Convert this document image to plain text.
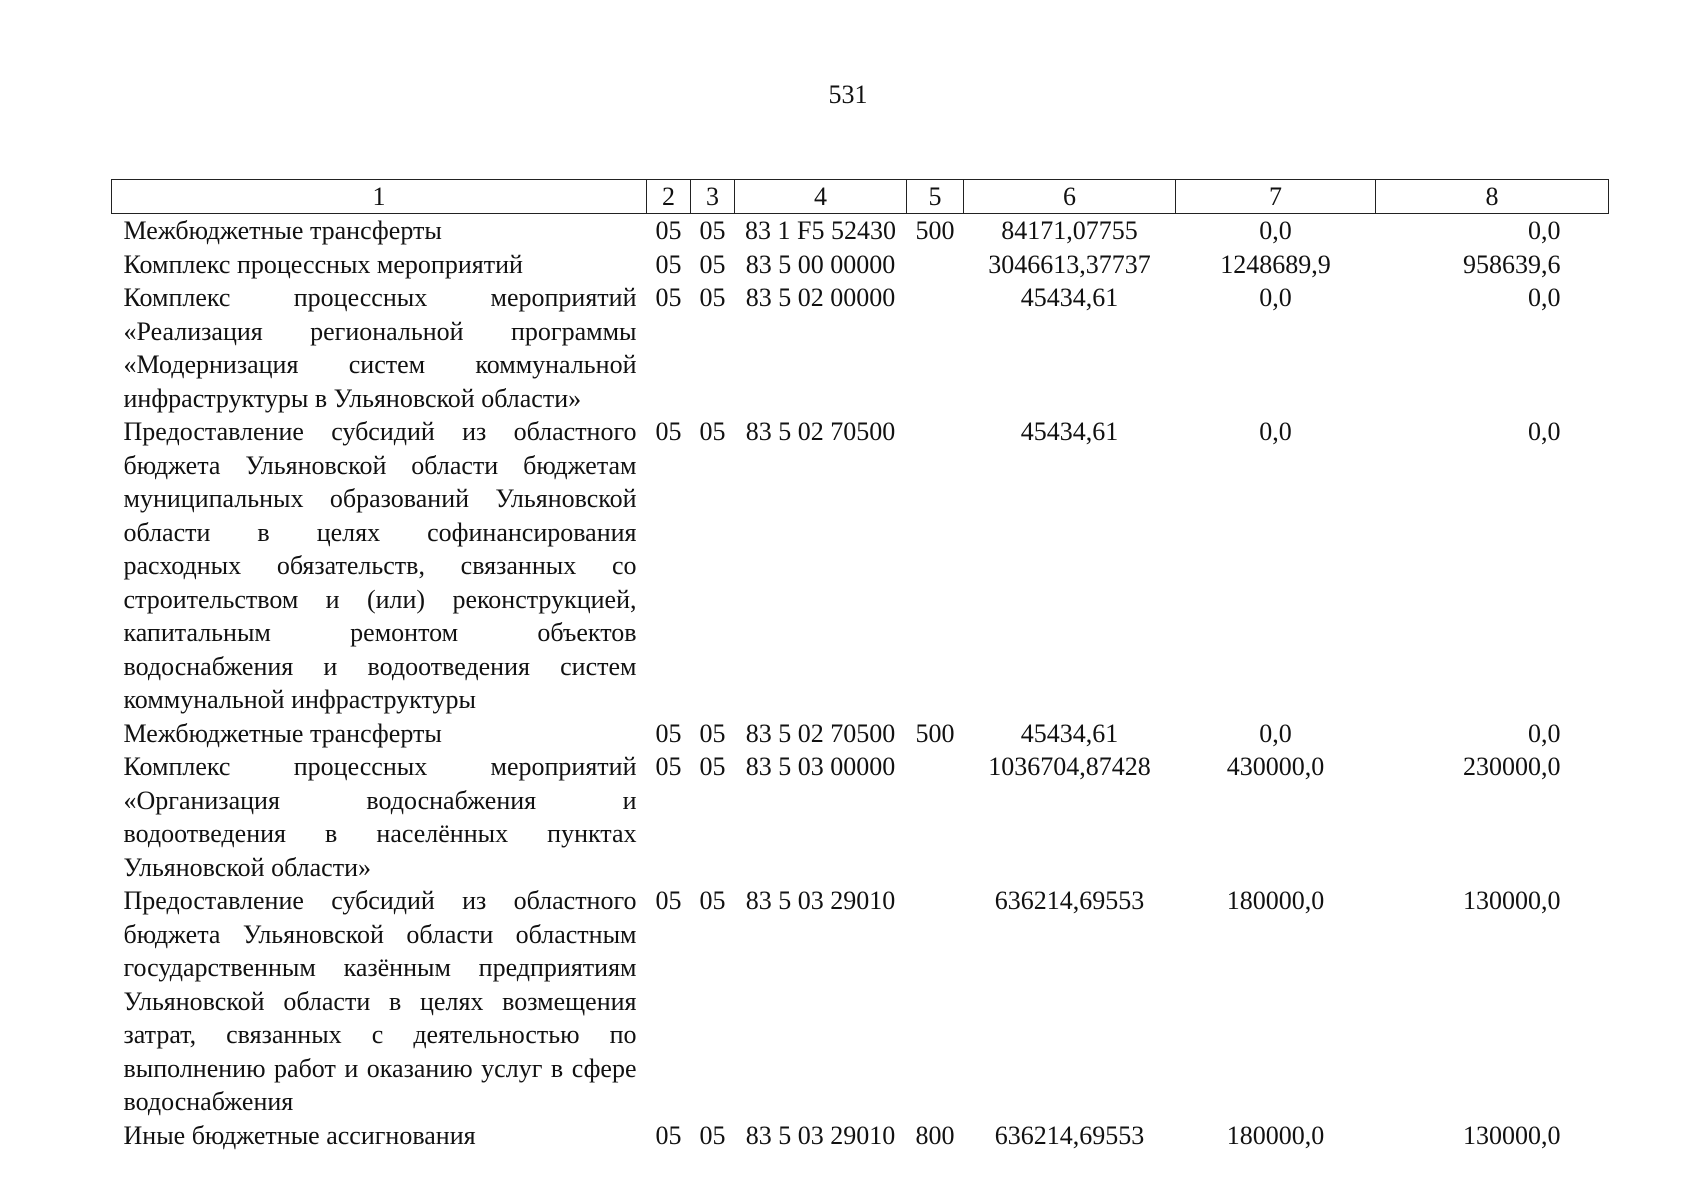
531
1	2	3	4	5	6	7	8
Межбюджетные трансферты	05	05	83 1 F5 52430	500	84171,07755	0,0	0,0
Комплекс процессных мероприятий	05	05	83 5 00 00000		3046613,37737	1248689,9	958639,6
Комплекс процессных мероприятий «Реализация региональной программы «Модернизация систем коммунальной инфраструктуры в Ульяновской области»	05	05	83 5 02 00000		45434,61	0,0	0,0
Предоставление субсидий из областного бюджета Ульяновской области бюджетам муниципальных образований Ульяновской области в целях софинансирования расходных обязательств, связанных со строительством и (или) реконструкцией, капитальным ремонтом объектов водоснабжения и водоотведения систем коммунальной инфраструктуры	05	05	83 5 02 70500		45434,61	0,0	0,0
Межбюджетные трансферты	05	05	83 5 02 70500	500	45434,61	0,0	0,0
Комплекс процессных мероприятий «Организация водоснабжения и водоотведения в населённых пунктах Ульяновской области»	05	05	83 5 03 00000		1036704,87428	430000,0	230000,0
Предоставление субсидий из областного бюджета Ульяновской области областным государственным казённым предприятиям Ульяновской области в целях возмещения затрат, связанных с деятельностью по выполнению работ и оказанию услуг в сфере водоснабжения	05	05	83 5 03 29010		636214,69553	180000,0	130000,0
Иные бюджетные ассигнования	05	05	83 5 03 29010	800	636214,69553	180000,0	130000,0
